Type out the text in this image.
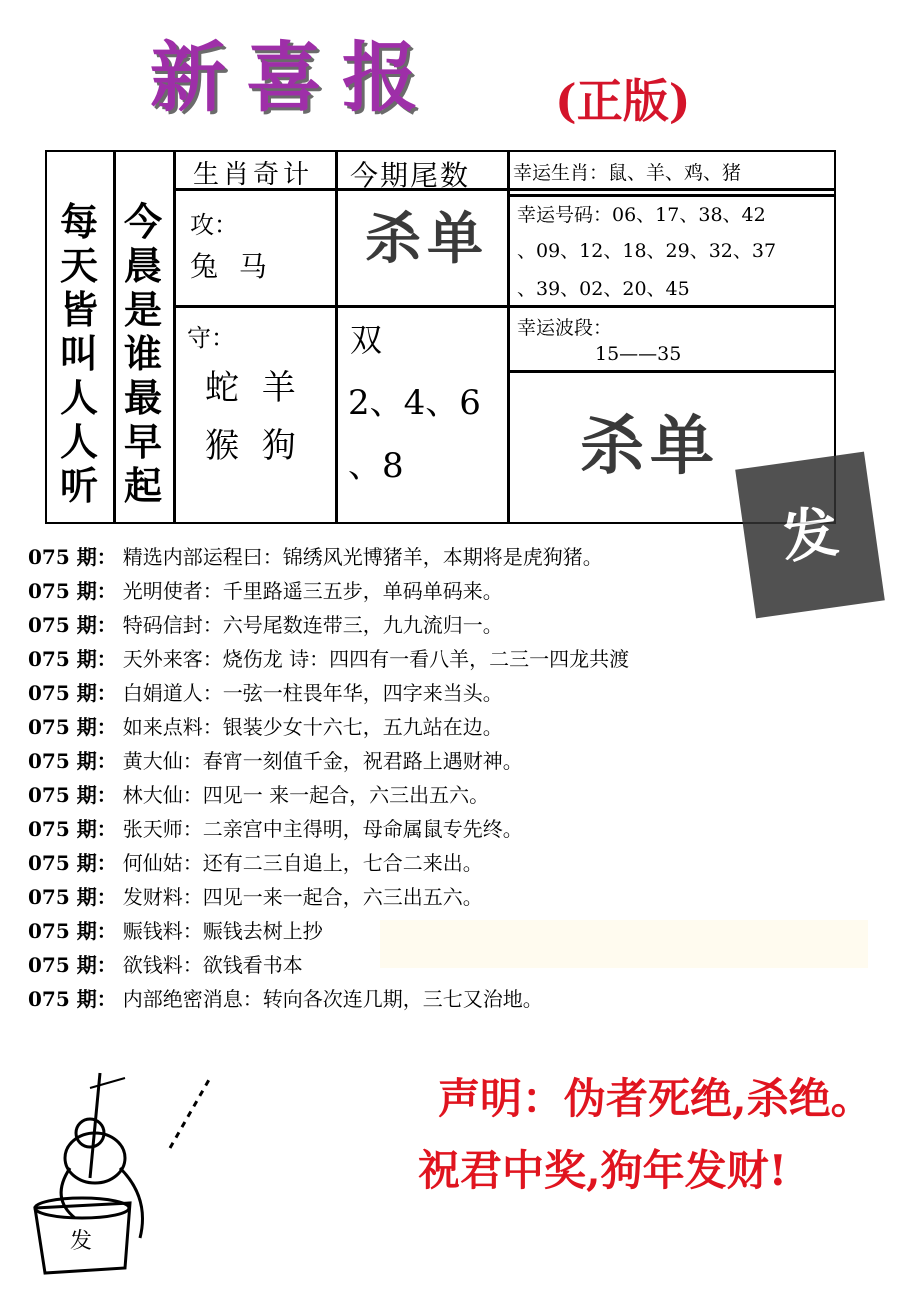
新喜报	(正版)
每天皆叫人人听
今晨是谁最早起
生肖奇计 今期尾数
攻：
兔 马
守：
蛇 羊
猴 狗
杀单
双
2、4、6
、8
幸运生肖：鼠、羊、鸡、猪
幸运号码：06、17、38、42
、09、12、18、29、32、37
、39、02、20、45
幸运波段：
15——35
杀单
发
075 期： 精选内部运程曰：锦绣风光博猪羊，本期将是虎狗猪。
075 期： 光明使者：千里路遥三五步，单码单码来。
075 期： 特码信封：六号尾数连带三，九九流归一。
075 期： 天外来客：烧伤龙 诗：四四有一看八羊，二三一四龙共渡
075 期： 白娟道人：一弦一柱畏年华，四字来当头。
075 期： 如来点料：银装少女十六七，五九站在边。
075 期： 黄大仙：春宵一刻值千金，祝君路上遇财神。
075 期： 林大仙：四见一 来一起合，六三出五六。
075 期： 张天师：二亲宫中主得明，母命属鼠专先终。
075 期： 何仙姑：还有二三自追上，七合二来出。
075 期： 发财料：四见一来一起合，六三出五六。
075 期： 赈钱料：赈钱去树上抄
075 期： 欲钱料：欲钱看书本
075 期： 内部绝密消息：转向各次连几期，三七又治地。
发
声明：伪者死绝,杀绝。
祝君中奖,狗年发财!
